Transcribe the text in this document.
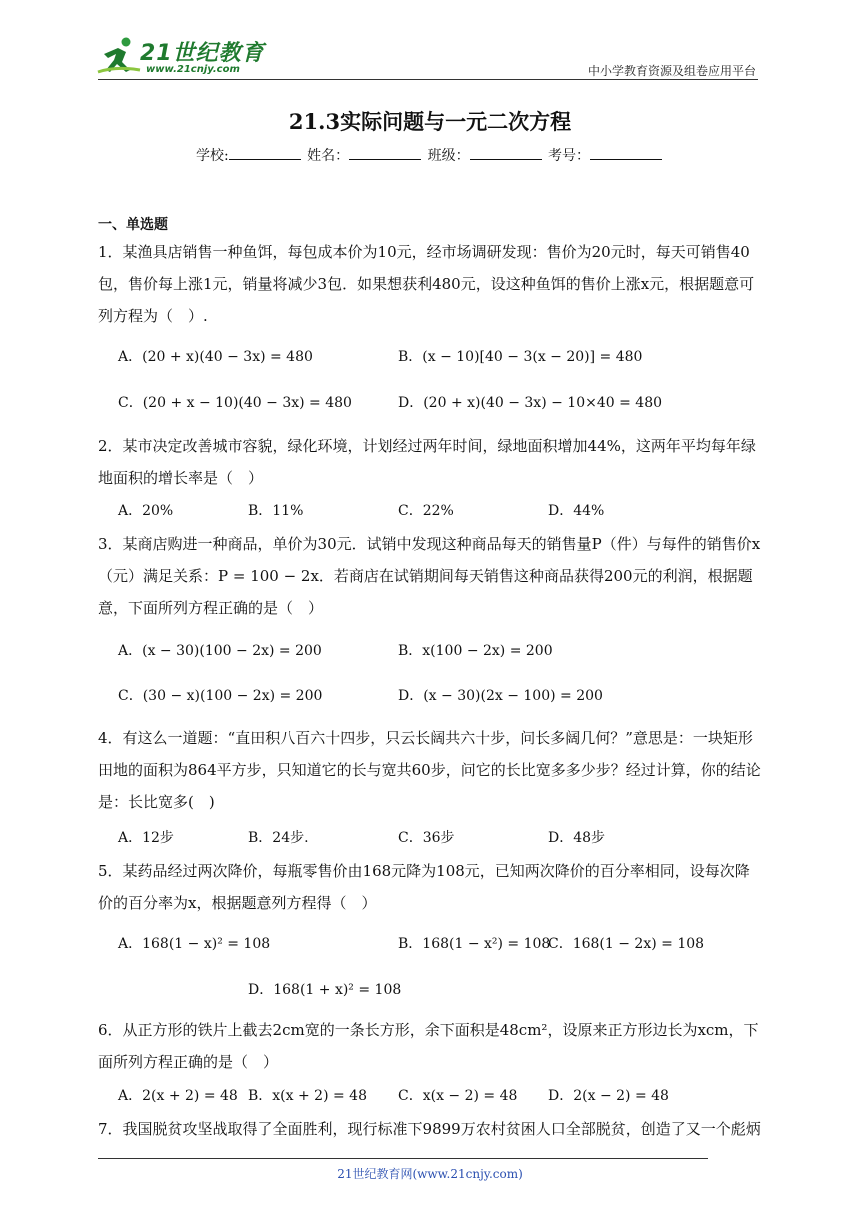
21世纪教育
www.21cnjy.com	中小学教育资源及组卷应用平台
21.3实际问题与一元二次方程
学校:	姓名：	班级：	考号：
一、单选题
1．某渔具店销售一种鱼饵，每包成本价为10元，经市场调研发现：售价为20元时，每天可销售40包，售价每上涨1元，销量将减少3包．如果想获利480元，设这种鱼饵的售价上涨x元，根据题意可列方程为（　）.
A．(20 + x)(40 − 3x) = 480	B．(x − 10)[40 − 3(x − 20)] = 480
C．(20 + x − 10)(40 − 3x) = 480	D．(20 + x)(40 − 3x) − 10×40 = 480
2．某市决定改善城市容貌，绿化环境，计划经过两年时间，绿地面积增加44%，这两年平均每年绿地面积的增长率是（　）
A．20%	B．11%	C．22%	D．44%
3．某商店购进一种商品，单价为30元．试销中发现这种商品每天的销售量P（件）与每件的销售价x（元）满足关系：P = 100 − 2x．若商店在试销期间每天销售这种商品获得200元的利润，根据题意，下面所列方程正确的是（　）
A．(x − 30)(100 − 2x) = 200	B．x(100 − 2x) = 200
C．(30 − x)(100 − 2x) = 200	D．(x − 30)(2x − 100) = 200
4．有这么一道题：“直田积八百六十四步，只云长阔共六十步，问长多阔几何？”意思是：一块矩形田地的面积为864平方步，只知道它的长与宽共60步，问它的长比宽多多少步？经过计算，你的结论是：长比宽多(　)
A．12步	B．24步.	C．36步	D．48步
5．某药品经过两次降价，每瓶零售价由168元降为108元，已知两次降价的百分率相同，设每次降价的百分率为x，根据题意列方程得（　）
A．168(1 − x)² = 108	B．168(1 − x²) = 108
C．168(1 − 2x) = 108
D．168(1 + x)² = 108
6．从正方形的铁片上截去2cm宽的一条长方形，余下面积是48cm²，设原来正方形边长为xcm，下面所列方程正确的是（　）
A．2(x + 2) = 48 B．x(x + 2) = 48 C．x(x − 2) = 48 D．2(x − 2) = 48
7．我国脱贫攻坚战取得了全面胜利，现行标准下9899万农村贫困人口全部脱贫，创造了又一个彪炳
21世纪教育网(www.21cnjy.com)
